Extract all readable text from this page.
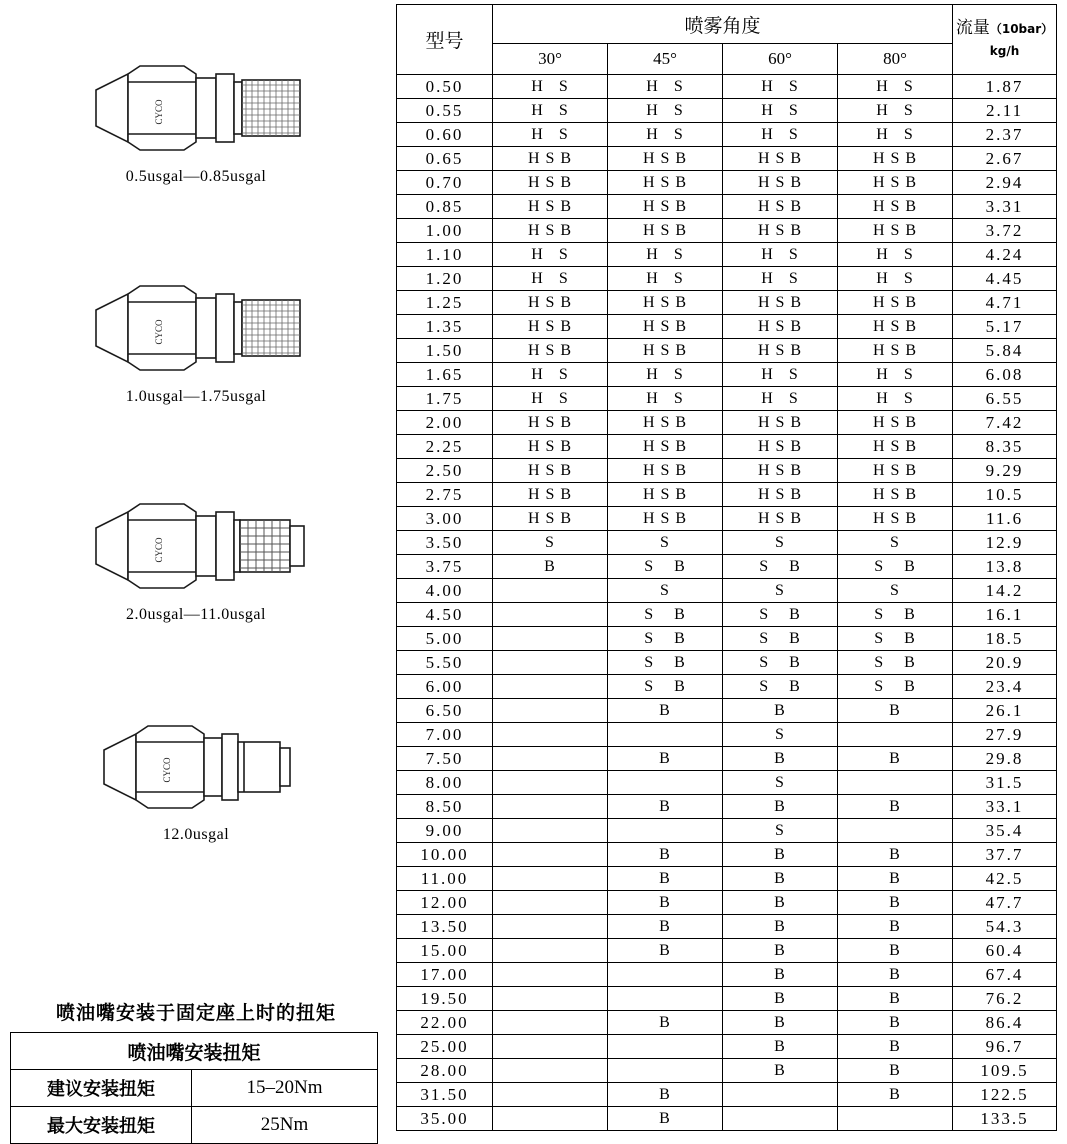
CYCO
0.5usgal—0.85usgal
CYCO
1.0usgal—1.75usgal
CYCO
2.0usgal—11.0usgal
CYCO
12.0usgal
喷油嘴安装于固定座上时的扭矩
喷油嘴安装扭矩	
建议安装扭矩	15–20Nm
最大安装扭矩	25Nm
型号	喷雾角度				流量（10bar）
kg/h
	30°	45°	60°	80°	
0.50	H   S	H   S	H   S	H   S	1.87
0.55	H   S	H   S	H   S	H   S	2.11
0.60	H   S	H   S	H   S	H   S	2.37
0.65	H S B	H S B	H S B	H S B	2.67
0.70	H S B	H S B	H S B	H S B	2.94
0.85	H S B	H S B	H S B	H S B	3.31
1.00	H S B	H S B	H S B	H S B	3.72
1.10	H   S	H   S	H   S	H   S	4.24
1.20	H   S	H   S	H   S	H   S	4.45
1.25	H S B	H S B	H S B	H S B	4.71
1.35	H S B	H S B	H S B	H S B	5.17
1.50	H S B	H S B	H S B	H S B	5.84
1.65	H   S	H   S	H   S	H   S	6.08
1.75	H   S	H   S	H   S	H   S	6.55
2.00	H S B	H S B	H S B	H S B	7.42
2.25	H S B	H S B	H S B	H S B	8.35
2.50	H S B	H S B	H S B	H S B	9.29
2.75	H S B	H S B	H S B	H S B	10.5
3.00	H S B	H S B	H S B	H S B	11.6
3.50	S	S	S	S	12.9
3.75	B	S    B	S    B	S    B	13.8
4.00		S	S	S	14.2
4.50		S    B	S    B	S    B	16.1
5.00		S    B	S    B	S    B	18.5
5.50		S    B	S    B	S    B	20.9
6.00		S    B	S    B	S    B	23.4
6.50		B	B	B	26.1
7.00			S		27.9
7.50		B	B	B	29.8
8.00			S		31.5
8.50		B	B	B	33.1
9.00			S		35.4
10.00		B	B	B	37.7
11.00		B	B	B	42.5
12.00		B	B	B	47.7
13.50		B	B	B	54.3
15.00		B	B	B	60.4
17.00			B	B	67.4
19.50			B	B	76.2
22.00		B	B	B	86.4
25.00			B	B	96.7
28.00			B	B	109.5
31.50		B		B	122.5
35.00		B			133.5
